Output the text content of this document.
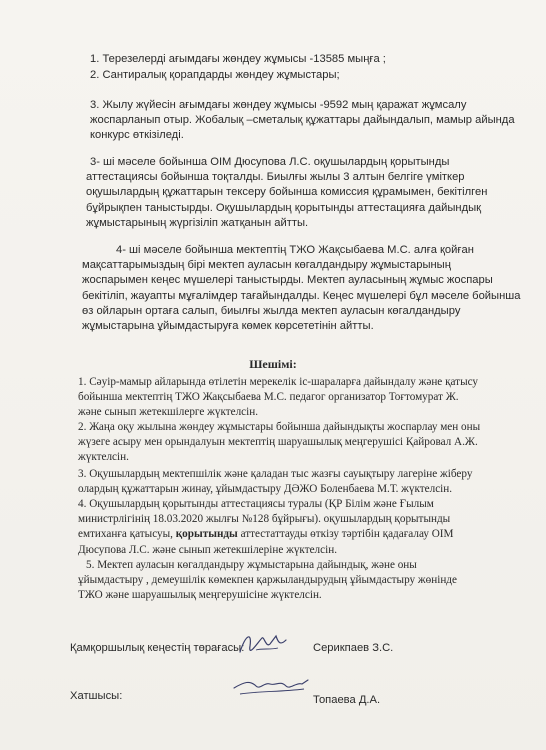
1. Терезелерді ағымдағы жөндеу жұмысы -13585 мыңға ;

2. Сантиралық қорапдарды жөндеу жұмыстары;

3. Жылу жүйесін ағымдағы жөндеу жұмысы -9592 мың қаражат жұмсалу

жоспарланып отыр. Жобалық –сметалық құжаттары дайындалып, мамыр айында

конкурс өткізіледі.

3- ші мәселе бойынша ОІМ Дюсупова Л.С. оқушылардың қорытынды

аттестациясы бойынша тоқталды. Биылғы жылы 3 алтын белгіге үміткер

оқушылардың құжаттарын тексеру бойынша комиссия құрамымен, бекітілген

бұйрықпен таныстырды. Оқушылардың қорытынды аттестацияға дайындық

жұмыстарының жүргізіліп жатқанын айтты.

4- ші мәселе бойынша мектептің ТЖО Жақсыбаева М.С. алға қойған

мақсаттарымыздың бірі мектеп ауласын көгалдандыру жұмыстарының

жоспарымен кеңес мүшелері таныстырды. Мектеп ауласының жұмыс жоспары

бекітіліп, жауапты мұғалімдер тағайындалды. Кеңес мүшелері бұл мәселе бойынша

өз ойларын ортаға салып, биылғы жылда мектеп ауласын көгалдандыру

жұмыстарына ұйымдастыруға көмек көрсететінін айтты.

Шешімі:

1. Сәуір-мамыр айларында өтілетін мерекелік іс-шараларға дайындалу және қатысу

бойынша мектептің ТЖО Жақсыбаева М.С. педагог организатор Тоғтомурат Ж.

және сынып жетекшілерге жүктелсін.

2. Жаңа оқу жылына жөндеу жұмыстары бойынша дайындықты жоспарлау мен оны

жүзеге асыру мен орындалуын мектептің шаруашылық меңгерушісі Қайровал А.Ж.

жүктелсін.

3. Оқушылардың мектепшілік және қаладан тыс жазғы сауықтыру лагеріне жіберу

олардың құжаттарын жинау, ұйымдастыру ДӘЖО Боленбаева М.Т. жүктелсін.

4. Оқушылардың қорытынды аттестациясы туралы (ҚР Білім және Ғылым

министрлігінің 18.03.2020 жылғы №128 бұйрығы). оқушылардың қорытынды

емтиханға қатысуы, қорытынды аттестаттауды өткізу тәртібін қадағалау ОІМ

Дюсупова Л.С. және сынып жетекшілеріне жүктелсін.

5. Мектеп ауласын көгалдандыру жұмыстарына дайындық, және оны

ұйымдастыру , демеушілік көмекпен қаржыландырудың ұйымдастыру жөнінде

ТЖО және шаруашылық меңгерушісіне жүктелсін.

Қамқоршылық кеңестің төрағасы:	Серикпаев З.С.
Хатшысы:	Топаева Д.А.
